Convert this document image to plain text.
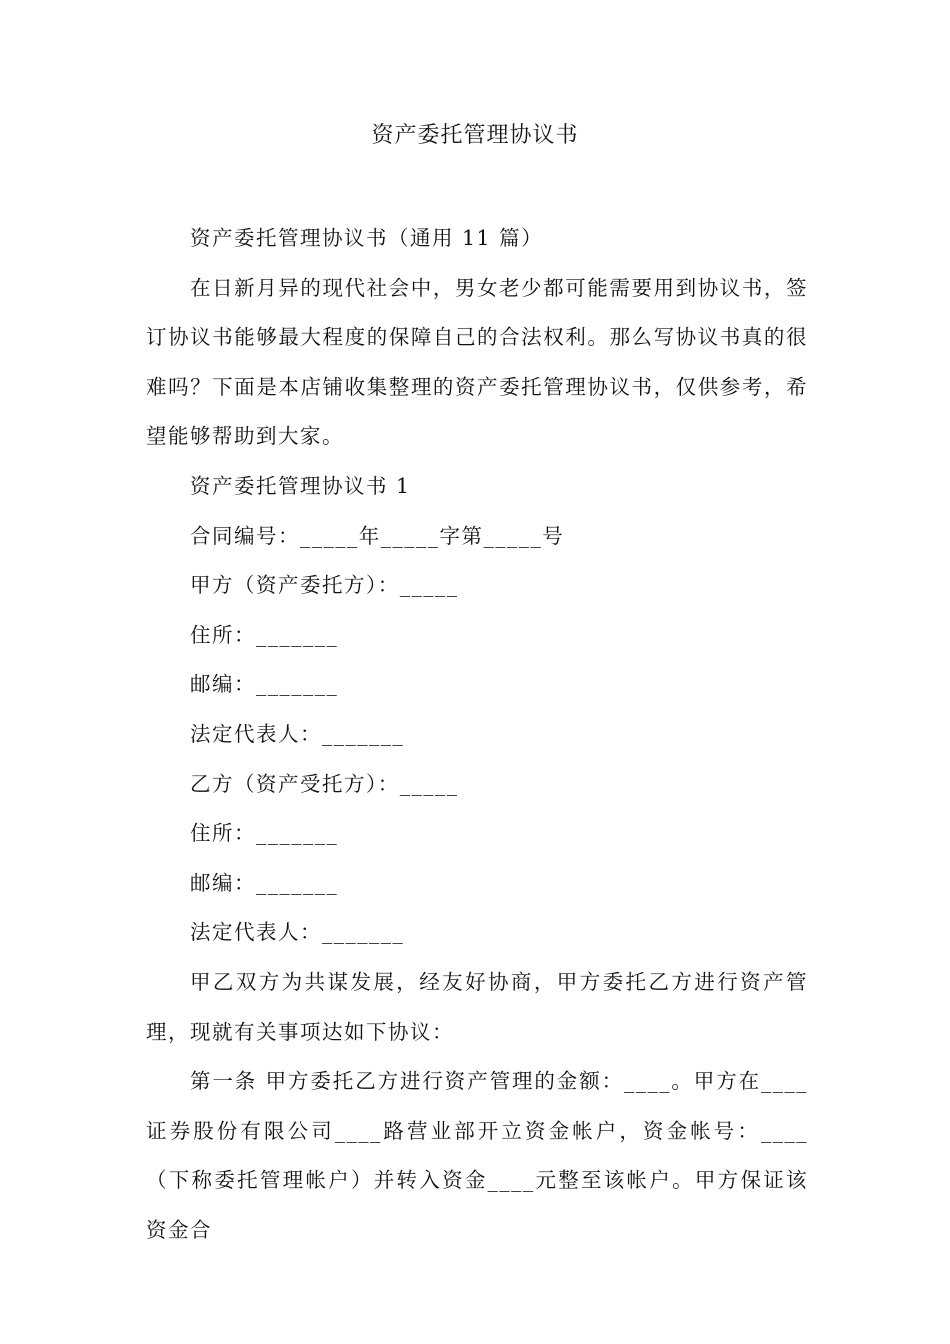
资产委托管理协议书

资产委托管理协议书（通用 11 篇）

在日新月异的现代社会中，男女老少都可能需要用到协议书，签订协议书能够最大程度的保障自己的合法权利。那么写协议书真的很难吗？下面是本店铺收集整理的资产委托管理协议书，仅供参考，希望能够帮助到大家。

资产委托管理协议书 1

合同编号：_____年_____字第_____号

甲方（资产委托方）：_____

住所：_______

邮编：_______

法定代表人：_______

乙方（资产受托方）：_____

住所：_______

邮编：_______

法定代表人：_______

甲乙双方为共谋发展，经友好协商，甲方委托乙方进行资产管理，现就有关事项达如下协议：

第一条 甲方委托乙方进行资产管理的金额：____。甲方在____证券股份有限公司____路营业部开立资金帐户，资金帐号：____（下称委托管理帐户）并转入资金____元整至该帐户。甲方保证该资金合
